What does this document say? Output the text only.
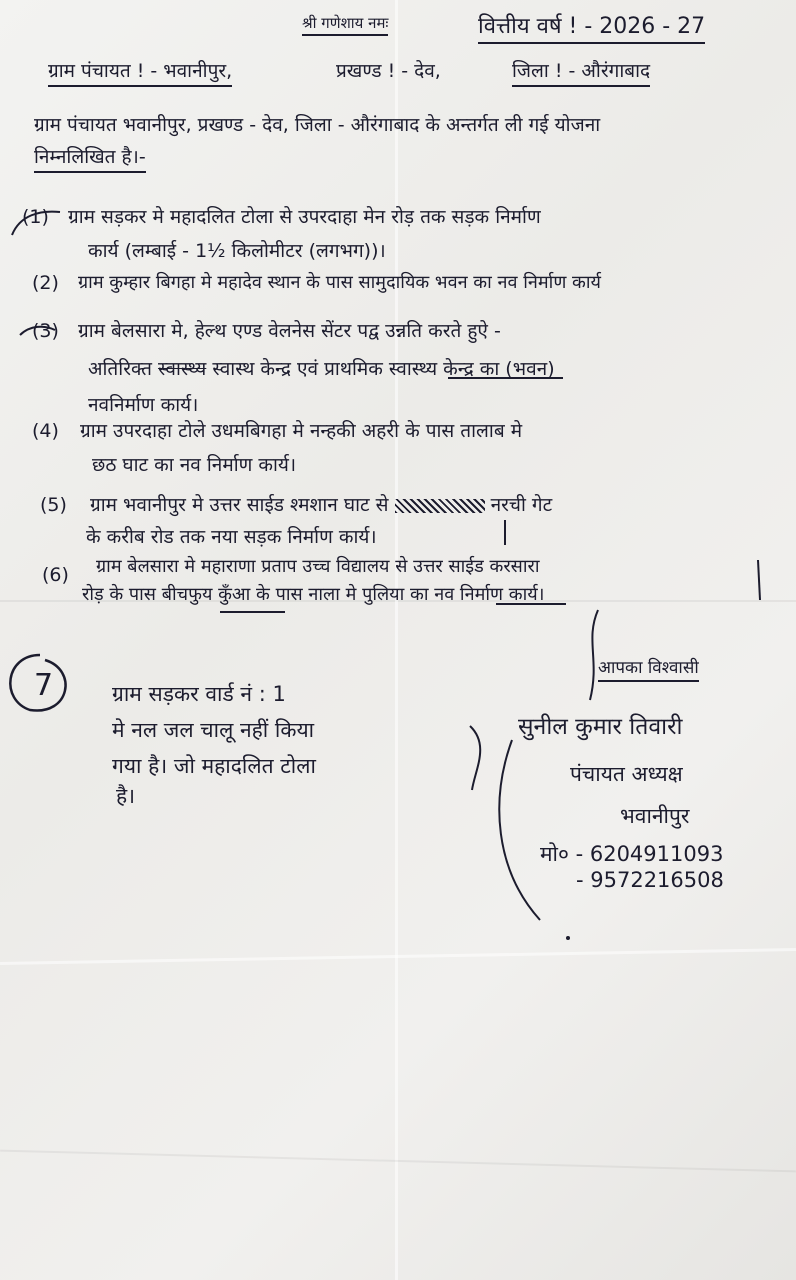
श्री गणेशाय नमः	वित्तीय वर्ष ! - 2026 - 27
ग्राम पंचायत ! - भवानीपुर,	प्रखण्ड ! - देव,	जिला ! - औरंगाबाद
ग्राम पंचायत भवानीपुर, प्रखण्ड - देव, जिला - औरंगाबाद के अन्तर्गत ली गई योजना
निम्नलिखित है।-
(1) ग्राम सड़कर मे महादलित टोला से उपरदाहा मेन रोड़ तक सड़क निर्माण
कार्य (लम्बाई - 1½ किलोमीटर (लगभग))।
(2) ग्राम कुम्हार बिगहा मे महादेव स्थान के पास सामुदायिक भवन का नव निर्माण कार्य
(3) ग्राम बेलसारा मे, हेल्थ एण्ड वेलनेस सेंटर पद्व उन्नति करते हुऐ -
अतिरिक्त स्वास्थ्य स्वास्थ केन्द्र एवं प्राथमिक स्वास्थ्य केन्द्र का (भवन)
नवनिर्माण कार्य।
(4) ग्राम उपरदाहा टोले उधमबिगहा मे नन्हकी अहरी के पास तालाब मे
छठ घाट का नव निर्माण कार्य।
(5) ग्राम भवानीपुर मे उत्तर साईड श्मशान घाट से	नरची गेट
के करीब रोड तक नया सड़क निर्माण कार्य।
(6) ग्राम बेलसारा मे महाराणा प्रताप उच्च विद्यालय से उत्तर साईड करसारा
रोड़ के पास बीचफुय कुँआ के पास नाला मे पुलिया का नव निर्माण कार्य।
7	ग्राम सड़कर वार्ड नं : 1
मे नल जल चालू नहीं किया
गया है। जो महादलित टोला
है।
आपका विश्वासी
सुनील कुमार तिवारी
पंचायत अध्यक्ष
भवानीपुर
मो० - 6204911093
- 9572216508
